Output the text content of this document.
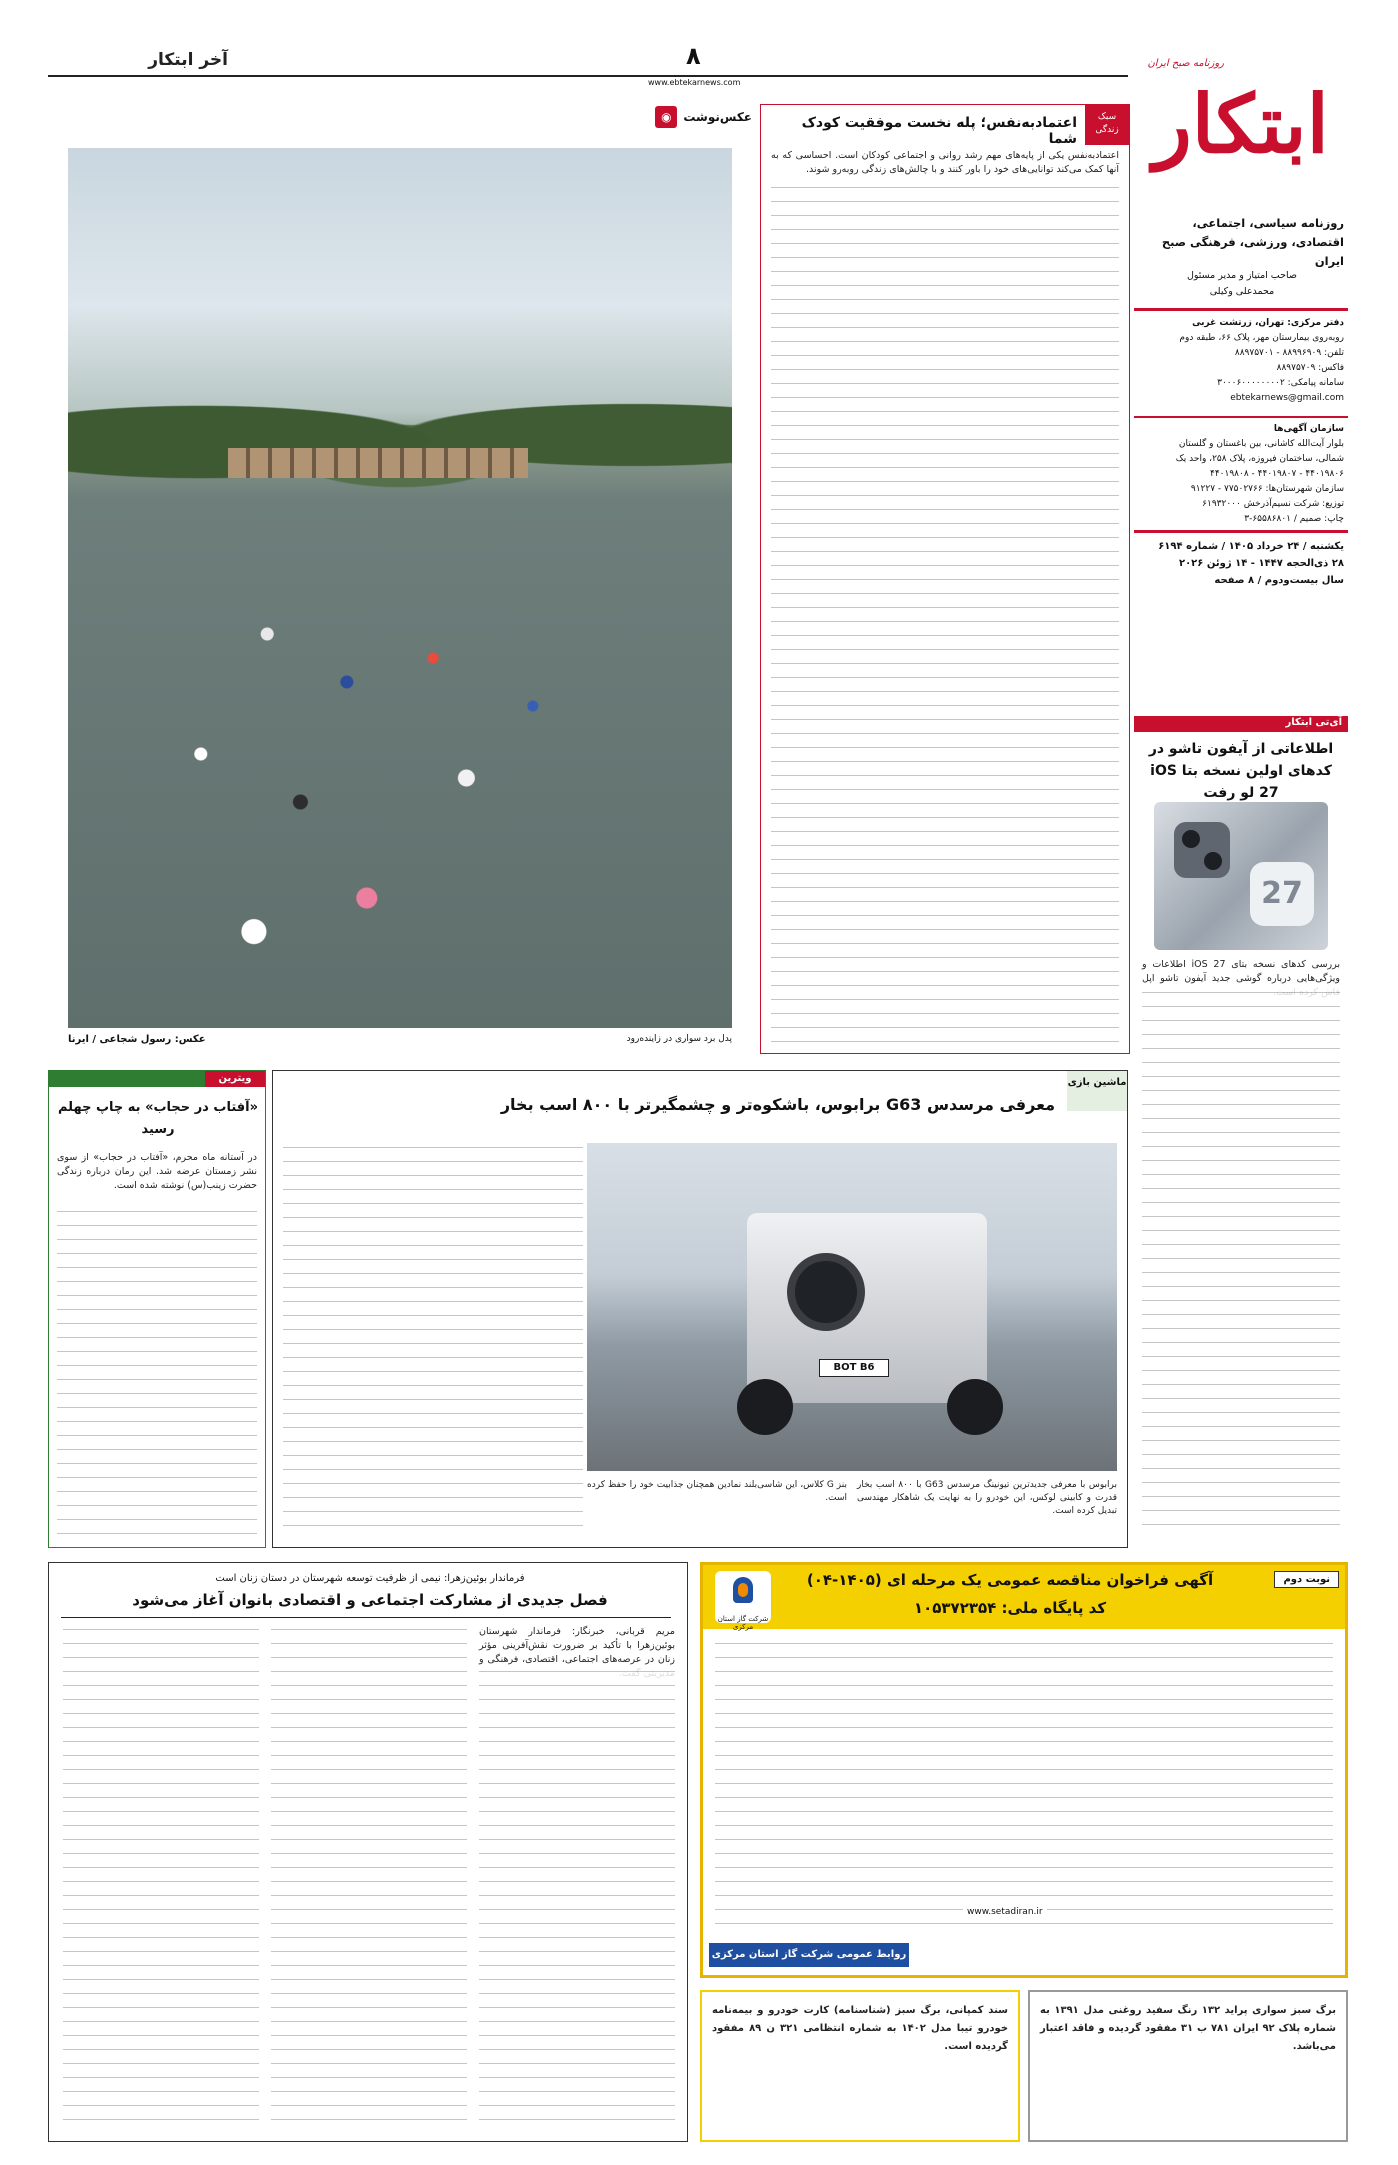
آخر ابتکار	۸
www.ebtekarnews.com	ابتکار
روزنامه صبح ایران
روزنامه سیاسی، اجتماعی، اقتصادی، ورزشی، فرهنگی صبح ایران
صاحب امتیاز و مدیر مسئول
محمدعلی وکیلی
دفتر مرکزی: تهران، زرتشت غربی
روبه‌روی بیمارستان مهر، پلاک ۶۶، طبقه دوم
تلفن: ۸۸۹۹۶۹۰۹ - ۸۸۹۷۵۷۰۱
فاکس: ۸۸۹۷۵۷۰۹
سامانه پیامکی: ۳۰۰۰۶۰۰۰۰۰۰۰۰۲
ebtekarnews@gmail.com
سازمان آگهی‌ها
بلوار آیت‌الله کاشانی، بین باغستان و گلستان
شمالی، ساختمان فیروزه، پلاک ۲۵۸، واحد یک
۴۴۰۱۹۸۰۶ - ۴۴۰۱۹۸۰۷ - ۴۴۰۱۹۸۰۸
سازمان شهرستان‌ها: ۷۷۵۰۲۷۶۶ - ۹۱۲۲۷
توزیع: شرکت نسیم‌آذرخش ۶۱۹۳۲۰۰۰
چاپ: صمیم / ۶۵۵۸۶۸۰۱-۳
یکشنبه / ۲۴ خرداد ۱۴۰۵ / شماره ۶۱۹۴
۲۸ ذی‌الحجه ۱۴۴۷ - ۱۴ ژوئن ۲۰۲۶
سال بیست‌ودوم / ۸ صفحه
آی‌تی ابتکار
اطلاعاتی از آیفون تاشو در کدهای اولین نسخه بتا iOS 27 لو رفت
27
بررسی کدهای نسخه بتای iOS 27 اطلاعات و ویژگی‌هایی درباره گوشی جدید آیفون تاشو اپل
سبک زندگی
اعتمادبه‌نفس؛ پله نخست موفقیت کودک شما
اعتمادبه‌نفس یکی از پایه‌های مهم رشد روانی و اجتماعی کودکان است. احساسی که به آنها کمک می‌کند توانایی‌های خود را باور کنند و با چالش‌های زندگی روبه‌رو شوند.
عکس‌نوشت
◉
عکس: رسول شجاعی / ایرنا	پدل برد سواری در زاینده‌رود
ماشین بازی
معرفی مرسدس G63 برابوس، باشکوه‌تر و چشمگیرتر با ۸۰۰ اسب بخار
BOT B6
برابوس با معرفی جدیدترین تیونینگ مرسدس G63 با ۸۰۰ اسب بخار قدرت و کابینی لوکس، این خودرو را به نهایت یک شاهکار مهندسی تبدیل کرده است.
بنز G کلاس، این شاسی‌بلند نمادین همچنان جذابیت خود را حفظ کرده است.
ویترین
«آفتاب در حجاب» به چاپ چهلم رسید
در آستانه ماه محرم، «آفتاب در حجاب» از سوی نشر زمستان عرضه شد. این رمان درباره زندگی حضرت زینب(س) نوشته شده است.
فرماندار بوئین‌زهرا: نیمی از ظرفیت توسعه شهرستان در دستان زنان است
فصل جدیدی از مشارکت اجتماعی و اقتصادی بانوان آغاز می‌شود
مریم قربانی، خبرنگار: فرماندار شهرستان بوئین‌زهرا با تأکید بر ضرورت نقش‌آفرینی مؤثر زنان در عرصه‌های اجتماعی، اقتصادی، فرهنگی و
نوبت دوم
آگهی فراخوان مناقصه عمومی یک مرحله ای (۱۴۰۵-۰۴)
کد پایگاه ملی: ۱۰۵۳۷۲۳۵۴
شرکت گاز استان مرکزی
www.setadiran.ir
روابط عمومی شرکت گاز استان مرکزی
سند کمپانی، برگ سبز (شناسنامه) کارت خودرو و بیمه‌نامه خودرو تیبا مدل ۱۴۰۲ به شماره انتظامی ۳۲۱ ن ۸۹ مفقود گردیده است.
برگ سبز سواری پراید ۱۳۲ رنگ سفید روغنی مدل ۱۳۹۱ به شماره پلاک ۹۲ ایران ۷۸۱ ب ۳۱ مفقود گردیده و فاقد اعتبار می‌باشد.
